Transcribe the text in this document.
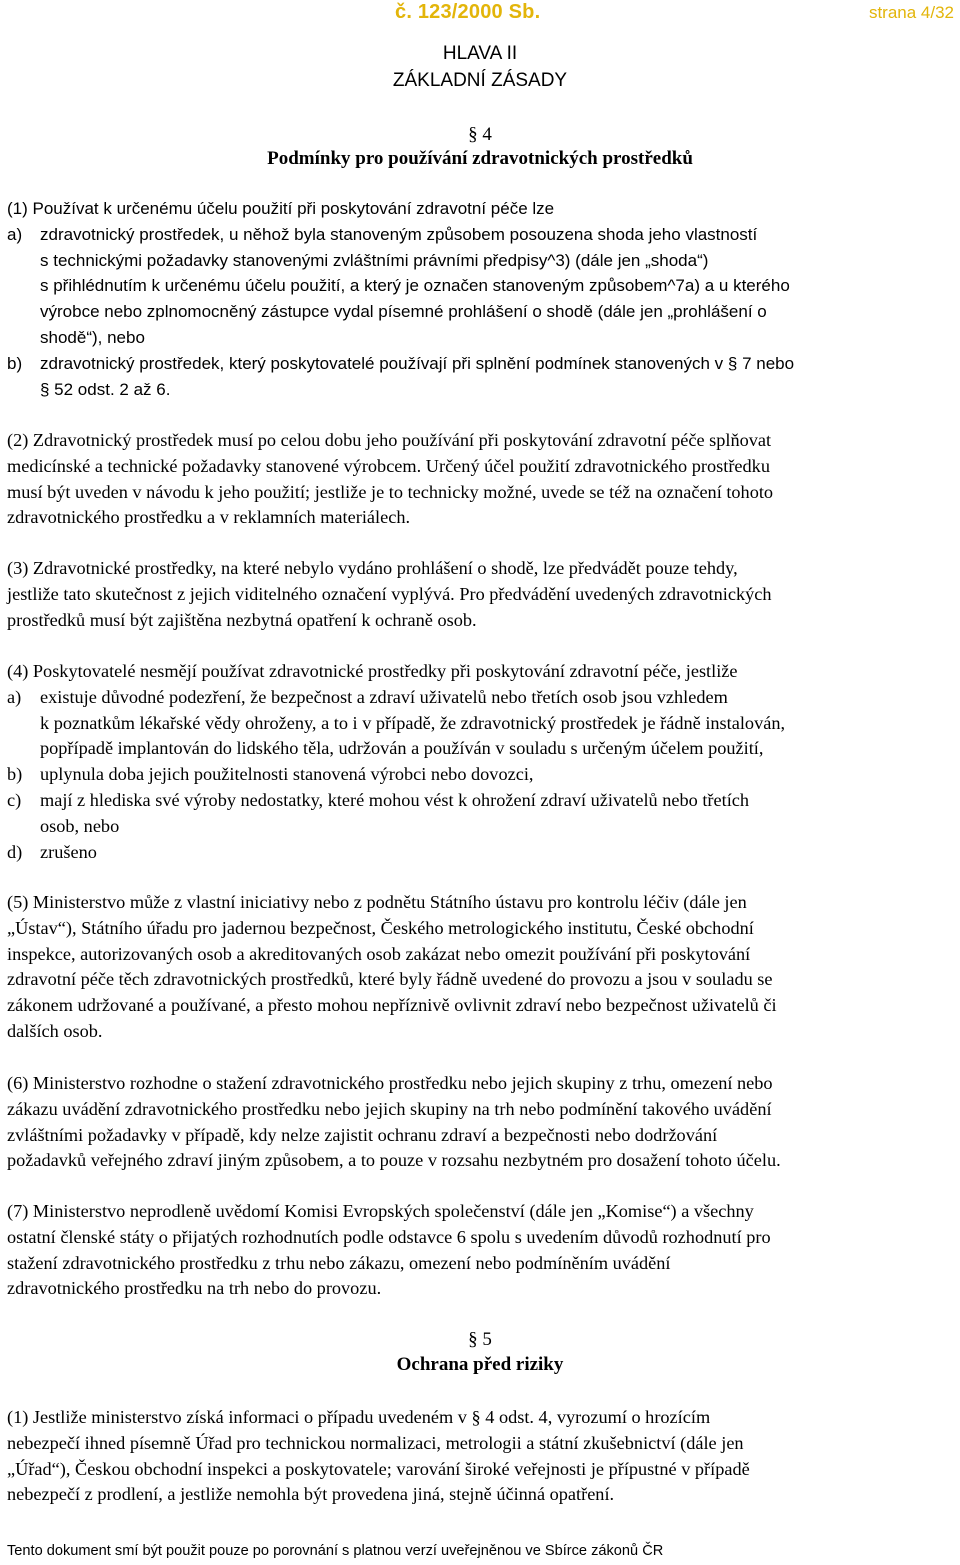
č. 123/2000 Sb.	strana 4/32
HLAVA II
ZÁKLADNÍ ZÁSADY
§ 4
Podmínky pro používání zdravotnických prostředků
(1) Používat k určenému účelu použití při poskytování zdravotní péče lze
a) zdravotnický prostředek, u něhož byla stanoveným způsobem posouzena shoda jeho vlastností
s technickými požadavky stanovenými zvláštními právními předpisy^3) (dále jen „shoda“)
s přihlédnutím k určenému účelu použití, a který je označen stanoveným způsobem^7a) a u kterého
výrobce nebo zplnomocněný zástupce vydal písemné prohlášení o shodě (dále jen „prohlášení o
shodě“), nebo
b) zdravotnický prostředek, který poskytovatelé používají při splnění podmínek stanovených v § 7 nebo
§ 52 odst. 2 až 6.
(2) Zdravotnický prostředek musí po celou dobu jeho používání při poskytování zdravotní péče splňovat
medicínské a technické požadavky stanovené výrobcem. Určený účel použití zdravotnického prostředku
musí být uveden v návodu k jeho použití; jestliže je to technicky možné, uvede se též na označení tohoto
zdravotnického prostředku a v reklamních materiálech.
(3) Zdravotnické prostředky, na které nebylo vydáno prohlášení o shodě, lze předvádět pouze tehdy,
jestliže tato skutečnost z jejich viditelného označení vyplývá. Pro předvádění uvedených zdravotnických
prostředků musí být zajištěna nezbytná opatření k ochraně osob.
(4) Poskytovatelé nesmějí používat zdravotnické prostředky při poskytování zdravotní péče, jestliže
a) existuje důvodné podezření, že bezpečnost a zdraví uživatelů nebo třetích osob jsou vzhledem
k poznatkům lékařské vědy ohroženy, a to i v případě, že zdravotnický prostředek je řádně instalován,
popřípadě implantován do lidského těla, udržován a používán v souladu s určeným účelem použití,
b) uplynula doba jejich použitelnosti stanovená výrobci nebo dovozci,
c) mají z hlediska své výroby nedostatky, které mohou vést k ohrožení zdraví uživatelů nebo třetích
osob, nebo
d) zrušeno
(5) Ministerstvo může z vlastní iniciativy nebo z podnětu Státního ústavu pro kontrolu léčiv (dále jen
„Ústav“), Státního úřadu pro jadernou bezpečnost, Českého metrologického institutu, České obchodní
inspekce, autorizovaných osob a akreditovaných osob zakázat nebo omezit používání při poskytování
zdravotní péče těch zdravotnických prostředků, které byly řádně uvedené do provozu a jsou v souladu se
zákonem udržované a používané, a přesto mohou nepříznivě ovlivnit zdraví nebo bezpečnost uživatelů či
dalších osob.
(6) Ministerstvo rozhodne o stažení zdravotnického prostředku nebo jejich skupiny z trhu, omezení nebo
zákazu uvádění zdravotnického prostředku nebo jejich skupiny na trh nebo podmínění takového uvádění
zvláštními požadavky v případě, kdy nelze zajistit ochranu zdraví a bezpečnosti nebo dodržování
požadavků veřejného zdraví jiným způsobem, a to pouze v rozsahu nezbytném pro dosažení tohoto účelu.
(7) Ministerstvo neprodleně uvědomí Komisi Evropských společenství (dále jen „Komise“) a všechny
ostatní členské státy o přijatých rozhodnutích podle odstavce 6 spolu s uvedením důvodů rozhodnutí pro
stažení zdravotnického prostředku z trhu nebo zákazu, omezení nebo podmíněním uvádění
zdravotnického prostředku na trh nebo do provozu.
§ 5
Ochrana před riziky
(1) Jestliže ministerstvo získá informaci o případu uvedeném v § 4 odst. 4, vyrozumí o hrozícím
nebezpečí ihned písemně Úřad pro technickou normalizaci, metrologii a státní zkušebnictví (dále jen
„Úřad“), Českou obchodní inspekci a poskytovatele; varování široké veřejnosti je přípustné v případě
nebezpečí z prodlení, a jestliže nemohla být provedena jiná, stejně účinná opatření.
Tento dokument smí být použit pouze po porovnání s platnou verzí uveřejněnou ve Sbírce zákonů ČR
